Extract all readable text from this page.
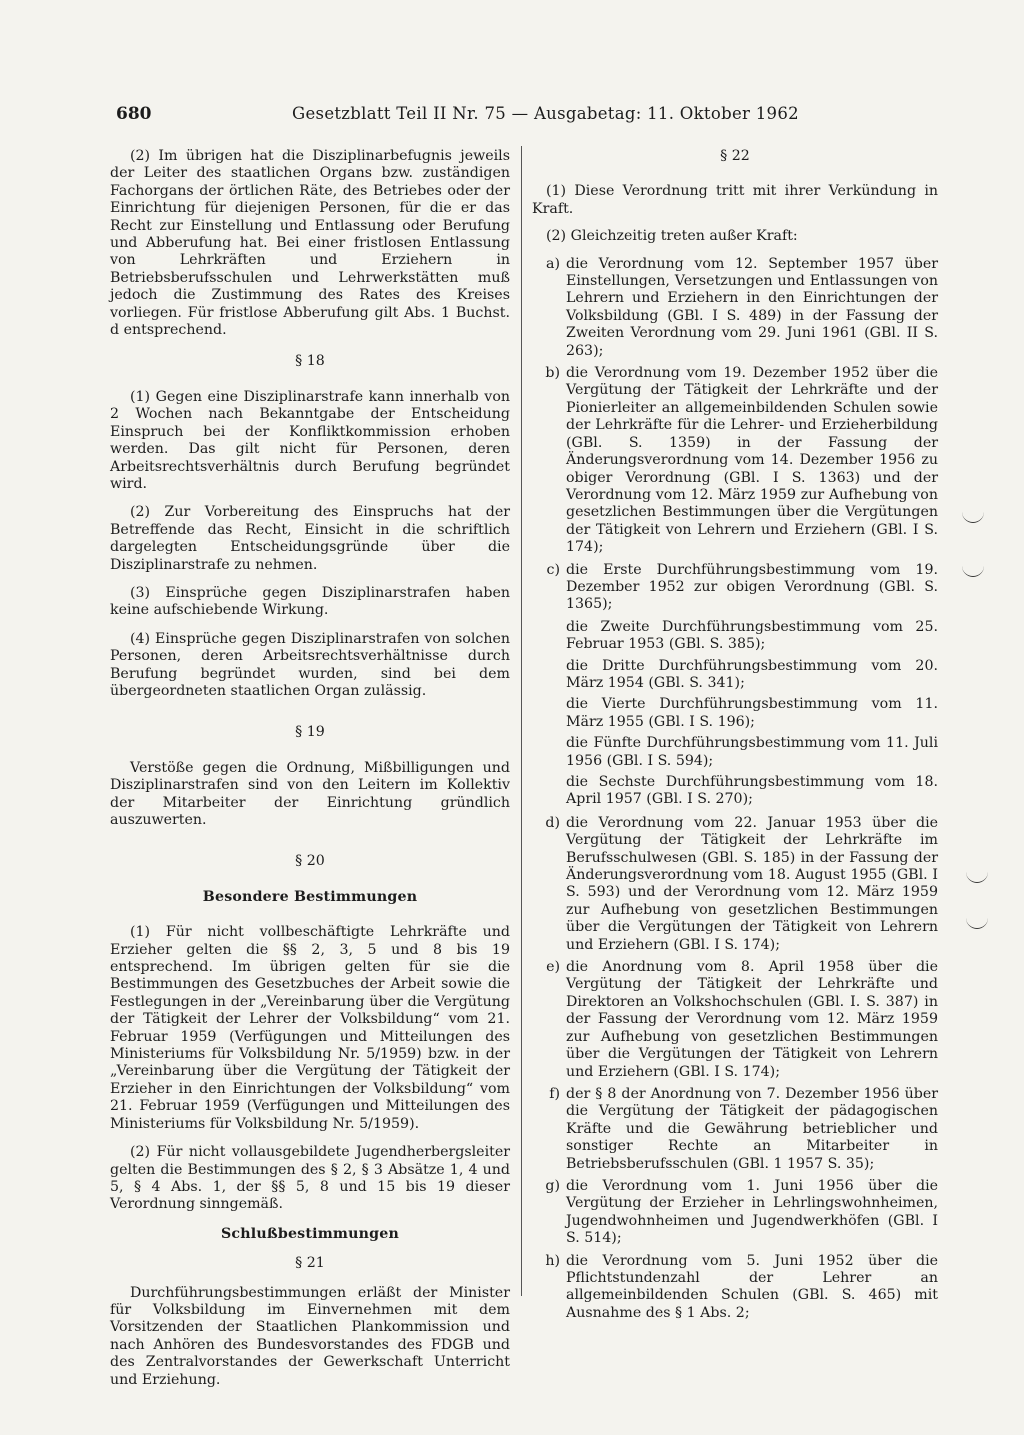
680	Gesetzblatt Teil II Nr. 75 — Ausgabetag: 11. Oktober 1962

(2) Im übrigen hat die Disziplinarbefugnis jeweils der Leiter des staatlichen Organs bzw. zuständigen Fachorgans der örtlichen Räte, des Betriebes oder der Einrichtung für diejenigen Personen, für die er das Recht zur Einstellung und Entlassung oder Berufung und Abberufung hat. Bei einer fristlosen Entlassung von Lehrkräften und Erziehern in Betriebsberufsschulen und Lehrwerkstätten muß jedoch die Zustimmung des Rates des Kreises vorliegen. Für fristlose Abberufung gilt Abs. 1 Buchst. d entsprechend.

§ 18

(1) Gegen eine Disziplinarstrafe kann innerhalb von 2 Wochen nach Bekanntgabe der Entscheidung Einspruch bei der Konfliktkommission erhoben werden. Das gilt nicht für Personen, deren Arbeitsrechtsverhältnis durch Berufung begründet wird.

(2) Zur Vorbereitung des Einspruchs hat der Betreffende das Recht, Einsicht in die schriftlich dargelegten Entscheidungsgründe über die Disziplinarstrafe zu nehmen.

(3) Einsprüche gegen Disziplinarstrafen haben keine aufschiebende Wirkung.

(4) Einsprüche gegen Disziplinarstrafen von solchen Personen, deren Arbeitsrechtsverhältnisse durch Berufung begründet wurden, sind bei dem übergeordneten staatlichen Organ zulässig.

§ 19

Verstöße gegen die Ordnung, Mißbilligungen und Disziplinarstrafen sind von den Leitern im Kollektiv der Mitarbeiter der Einrichtung gründlich auszuwerten.

§ 20

Besondere Bestimmungen

(1) Für nicht vollbeschäftigte Lehrkräfte und Erzieher gelten die §§ 2, 3, 5 und 8 bis 19 entsprechend. Im übrigen gelten für sie die Bestimmungen des Gesetzbuches der Arbeit sowie die Festlegungen in der „Vereinbarung über die Vergütung der Tätigkeit der Lehrer der Volksbildung“ vom 21. Februar 1959 (Verfügungen und Mitteilungen des Ministeriums für Volksbildung Nr. 5/1959) bzw. in der „Vereinbarung über die Vergütung der Tätigkeit der Erzieher in den Einrichtungen der Volksbildung“ vom 21. Februar 1959 (Verfügungen und Mitteilungen des Ministeriums für Volksbildung Nr. 5/1959).

(2) Für nicht vollausgebildete Jugendherbergsleiter gelten die Bestimmungen des § 2, § 3 Absätze 1, 4 und 5, § 4 Abs. 1, der §§ 5, 8 und 15 bis 19 dieser Verordnung sinngemäß.

Schlußbestimmungen

§ 21

Durchführungsbestimmungen erläßt der Minister für Volksbildung im Einvernehmen mit dem Vorsitzenden der Staatlichen Plankommission und nach Anhören des Bundesvorstandes des FDGB und des Zentralvorstandes der Gewerkschaft Unterricht und Erziehung.

§ 22

(1) Diese Verordnung tritt mit ihrer Verkündung in Kraft.

(2) Gleichzeitig treten außer Kraft:

a) die Verordnung vom 12. September 1957 über Einstellungen, Versetzungen und Entlassungen von Lehrern und Erziehern in den Einrichtungen der Volksbildung (GBl. I S. 489) in der Fassung der Zweiten Verordnung vom 29. Juni 1961 (GBl. II S. 263);
b) die Verordnung vom 19. Dezember 1952 über die Vergütung der Tätigkeit der Lehrkräfte und der Pionierleiter an allgemeinbildenden Schulen sowie der Lehrkräfte für die Lehrer- und Erzieherbildung (GBl. S. 1359) in der Fassung der Änderungsverordnung vom 14. Dezember 1956 zu obiger Verordnung (GBl. I S. 1363) und der Verordnung vom 12. März 1959 zur Aufhebung von gesetzlichen Bestimmungen über die Vergütungen der Tätigkeit von Lehrern und Erziehern (GBl. I S. 174);
c) die Erste Durchführungsbestimmung vom 19. Dezember 1952 zur obigen Verordnung (GBl. S. 1365);

die Zweite Durchführungsbestimmung vom 25. Februar 1953 (GBl. S. 385);

die Dritte Durchführungsbestimmung vom 20. März 1954 (GBl. S. 341);

die Vierte Durchführungsbestimmung vom 11. März 1955 (GBl. I S. 196);

die Fünfte Durchführungsbestimmung vom 11. Juli 1956 (GBl. I S. 594);

die Sechste Durchführungsbestimmung vom 18. April 1957 (GBl. I S. 270);

d) die Verordnung vom 22. Januar 1953 über die Vergütung der Tätigkeit der Lehrkräfte im Berufsschulwesen (GBl. S. 185) in der Fassung der Änderungsverordnung vom 18. August 1955 (GBl. I S. 593) und der Verordnung vom 12. März 1959 zur Aufhebung von gesetzlichen Bestimmungen über die Vergütungen der Tätigkeit von Lehrern und Erziehern (GBl. I S. 174);
e) die Anordnung vom 8. April 1958 über die Vergütung der Tätigkeit der Lehrkräfte und Direktoren an Volkshochschulen (GBl. I. S. 387) in der Fassung der Verordnung vom 12. März 1959 zur Aufhebung von gesetzlichen Bestimmungen über die Vergütungen der Tätigkeit von Lehrern und Erziehern (GBl. I S. 174);
f) der § 8 der Anordnung von 7. Dezember 1956 über die Vergütung der Tätigkeit der pädagogischen Kräfte und die Gewährung betrieblicher und sonstiger Rechte an Mitarbeiter in Betriebsberufsschulen (GBl. 1 1957 S. 35);
g) die Verordnung vom 1. Juni 1956 über die Vergütung der Erzieher in Lehrlingswohnheimen, Jugendwohnheimen und Jugendwerkhöfen (GBl. I S. 514);
h) die Verordnung vom 5. Juni 1952 über die Pflichtstundenzahl der Lehrer an allgemeinbildenden Schulen (GBl. S. 465) mit Ausnahme des § 1 Abs. 2;
